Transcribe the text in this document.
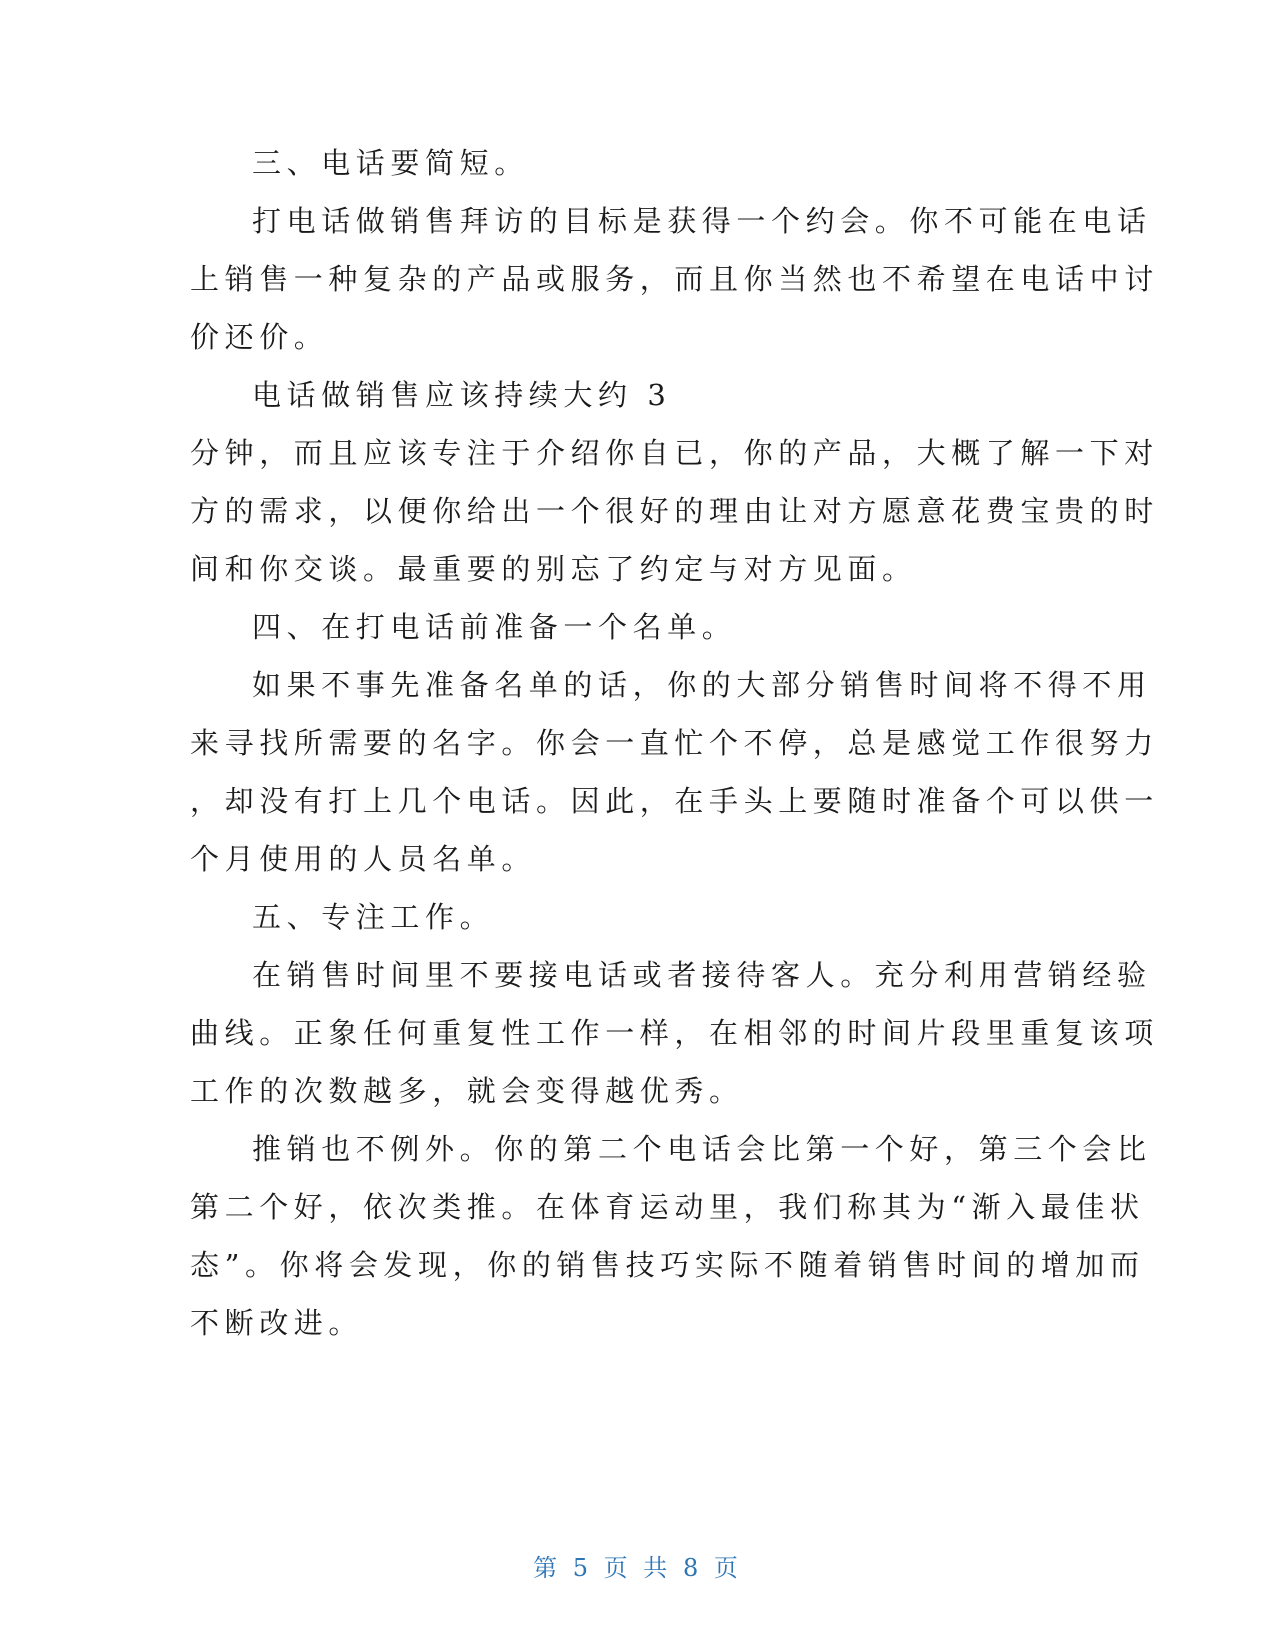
三、电话要简短。
打电话做销售拜访的目标是获得一个约会。你不可能在电话
上销售一种复杂的产品或服务，而且你当然也不希望在电话中讨
价还价。
电话做销售应该持续大约 3
分钟，而且应该专注于介绍你自已，你的产品，大概了解一下对
方的需求，以便你给出一个很好的理由让对方愿意花费宝贵的时
间和你交谈。最重要的别忘了约定与对方见面。
四、在打电话前准备一个名单。
如果不事先准备名单的话，你的大部分销售时间将不得不用
来寻找所需要的名字。你会一直忙个不停，总是感觉工作很努力
，却没有打上几个电话。因此，在手头上要随时准备个可以供一
个月使用的人员名单。
五、专注工作。
在销售时间里不要接电话或者接待客人。充分利用营销经验
曲线。正象任何重复性工作一样，在相邻的时间片段里重复该项
工作的次数越多，就会变得越优秀。
推销也不例外。你的第二个电话会比第一个好，第三个会比
第二个好，依次类推。在体育运动里，我们称其为“渐入最佳状
态”。你将会发现，你的销售技巧实际不随着销售时间的增加而
不断改进。
第 5 页 共 8 页
